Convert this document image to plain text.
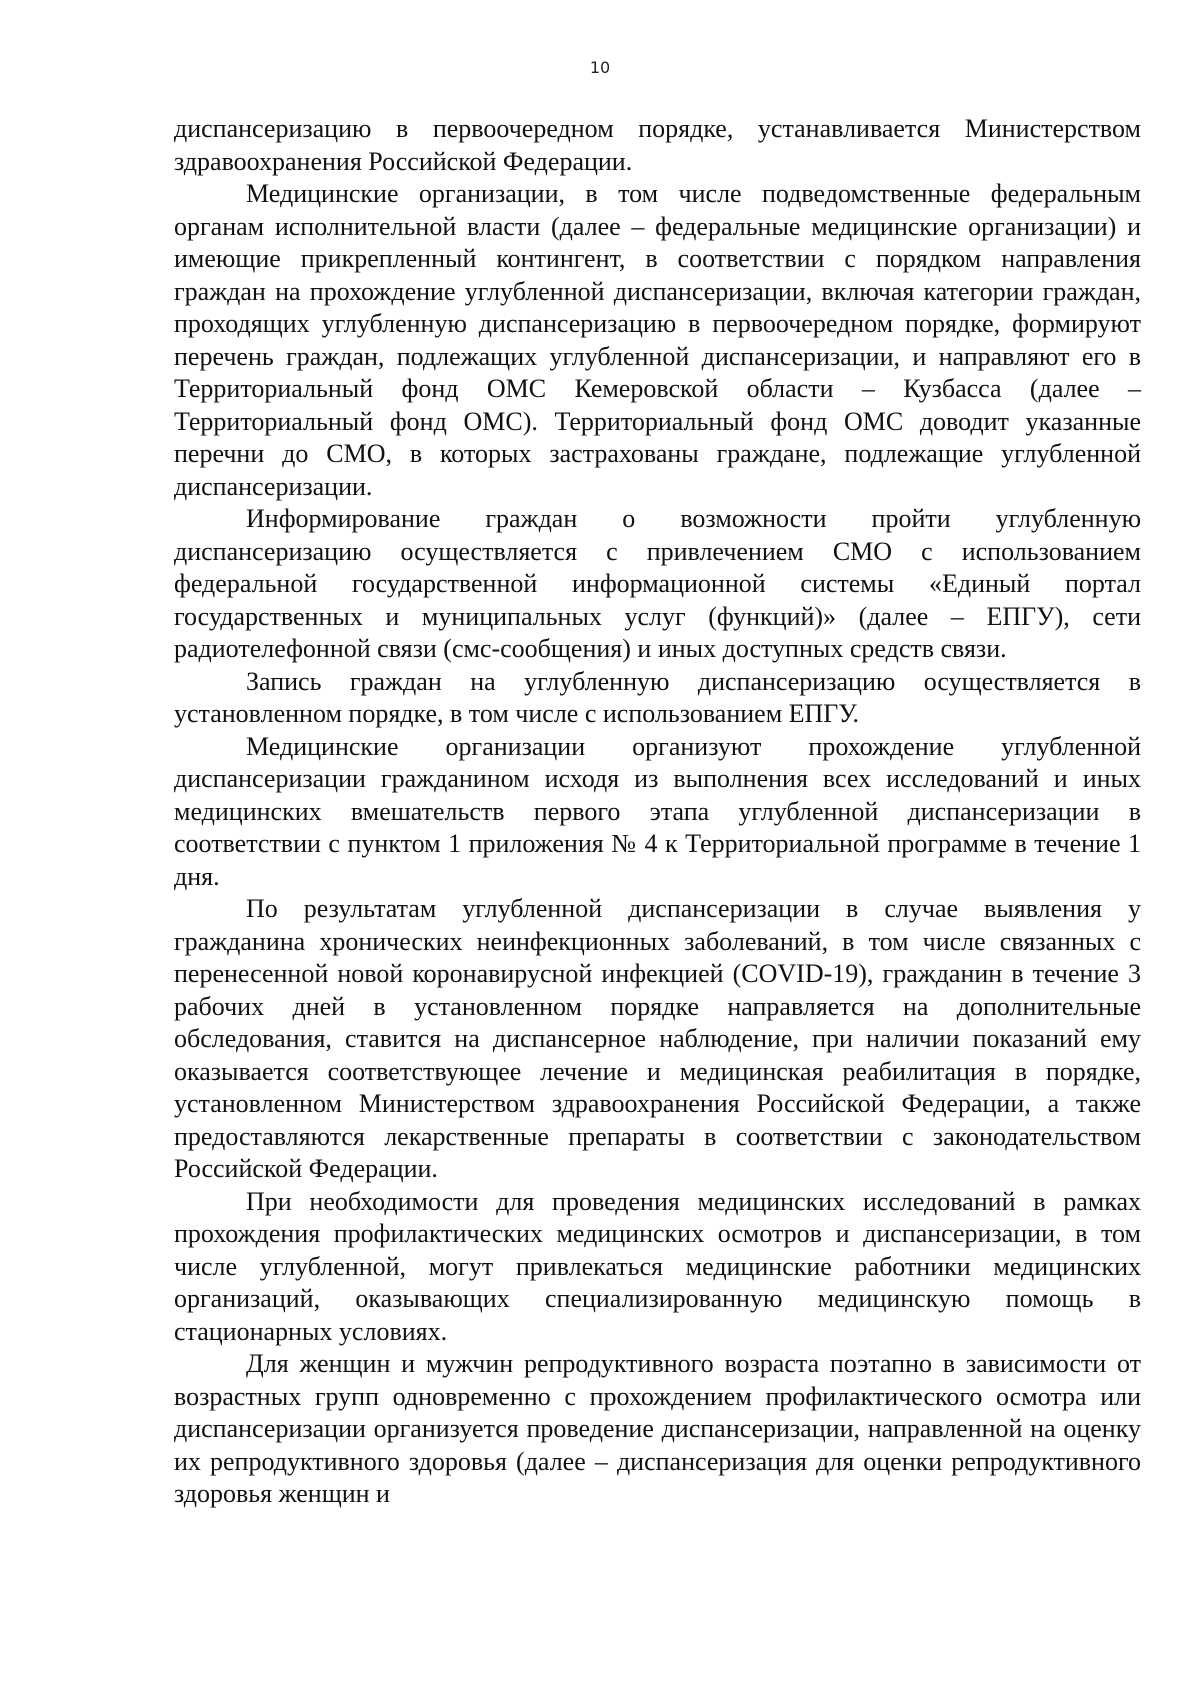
10

диспансеризацию в первоочередном порядке, устанавливается Министерством здравоохранения Российской Федерации.

Медицинские организации, в том числе подведомственные федеральным органам исполнительной власти (далее – федеральные медицинские организации) и имеющие прикрепленный контингент, в соответствии с порядком направления граждан на прохождение углубленной диспансеризации, включая категории граждан, проходящих углубленную диспансеризацию в первоочередном порядке, формируют перечень граждан, подлежащих углубленной диспансеризации, и направляют его в Территориальный фонд ОМС Кемеровской области – Кузбасса (далее – Территориальный фонд ОМС). Территориальный фонд ОМС доводит указанные перечни до СМО, в которых застрахованы граждане, подлежащие углубленной диспансеризации.

Информирование граждан о возможности пройти углубленную диспансеризацию осуществляется с привлечением СМО с использованием федеральной государственной информационной системы «Единый портал государственных и муниципальных услуг (функций)» (далее – ЕПГУ), сети радиотелефонной связи (смс-сообщения) и иных доступных средств связи.

Запись граждан на углубленную диспансеризацию осуществляется в установленном порядке, в том числе с использованием ЕПГУ.

Медицинские организации организуют прохождение углубленной диспансеризации гражданином исходя из выполнения всех исследований и иных медицинских вмешательств первого этапа углубленной диспансеризации в соответствии с пунктом 1 приложения № 4 к Территориальной программе в течение 1 дня.

По результатам углубленной диспансеризации в случае выявления у гражданина хронических неинфекционных заболеваний, в том числе связанных с перенесенной новой коронавирусной инфекцией (COVID-19), гражданин в течение 3 рабочих дней в установленном порядке направляется на дополнительные обследования, ставится на диспансерное наблюдение, при наличии показаний ему оказывается соответствующее лечение и медицинская реабилитация в порядке, установленном Министерством здравоохранения Российской Федерации, а также предоставляются лекарственные препараты в соответствии с законодательством Российской Федерации.

При необходимости для проведения медицинских исследований в рамках прохождения профилактических медицинских осмотров и диспансеризации, в том числе углубленной, могут привлекаться медицинские работники медицинских организаций, оказывающих специализированную медицинскую помощь в стационарных условиях.

Для женщин и мужчин репродуктивного возраста поэтапно в зависимости от возрастных групп одновременно с прохождением профилактического осмотра или диспансеризации организуется проведение диспансеризации, направленной на оценку их репродуктивного здоровья (далее – диспансеризация для оценки репродуктивного здоровья женщин и
